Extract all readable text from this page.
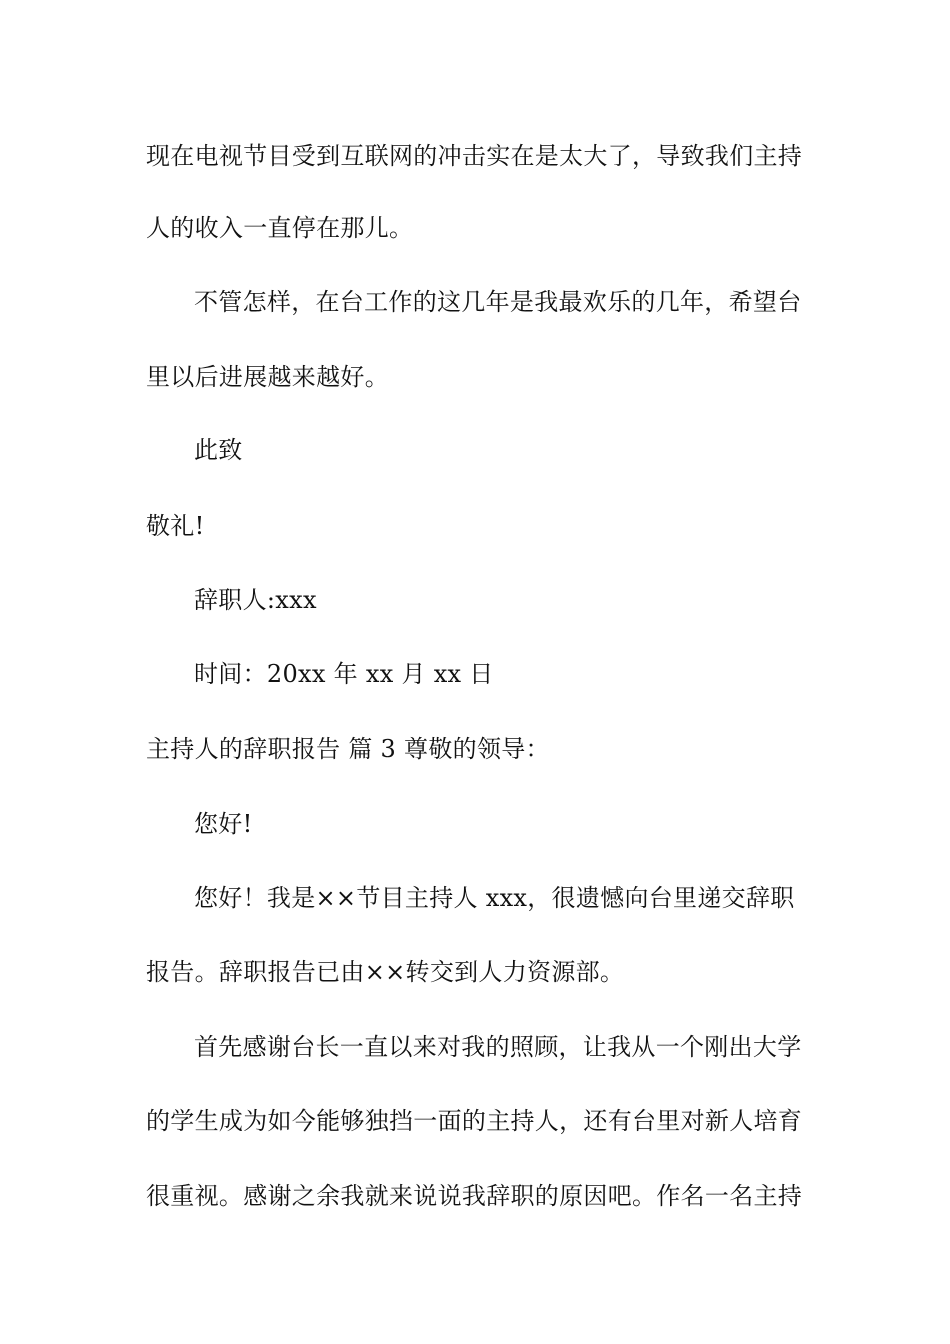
现在电视节目受到互联网的冲击实在是太大了，导致我们主持
人的收入一直停在那儿。
不管怎样，在台工作的这几年是我最欢乐的几年，希望台
里以后进展越来越好。
此致
敬礼!
辞职人:xxx
时间：20xx 年 xx 月 xx 日
主持人的辞职报告 篇 3 尊敬的领导：
您好!
您好！我是××节目主持人 xxx，很遗憾向台里递交辞职
报告。辞职报告已由××转交到人力资源部。
首先感谢台长一直以来对我的照顾，让我从一个刚出大学
的学生成为如今能够独挡一面的主持人，还有台里对新人培育
很重视。感谢之余我就来说说我辞职的原因吧。作名一名主持
